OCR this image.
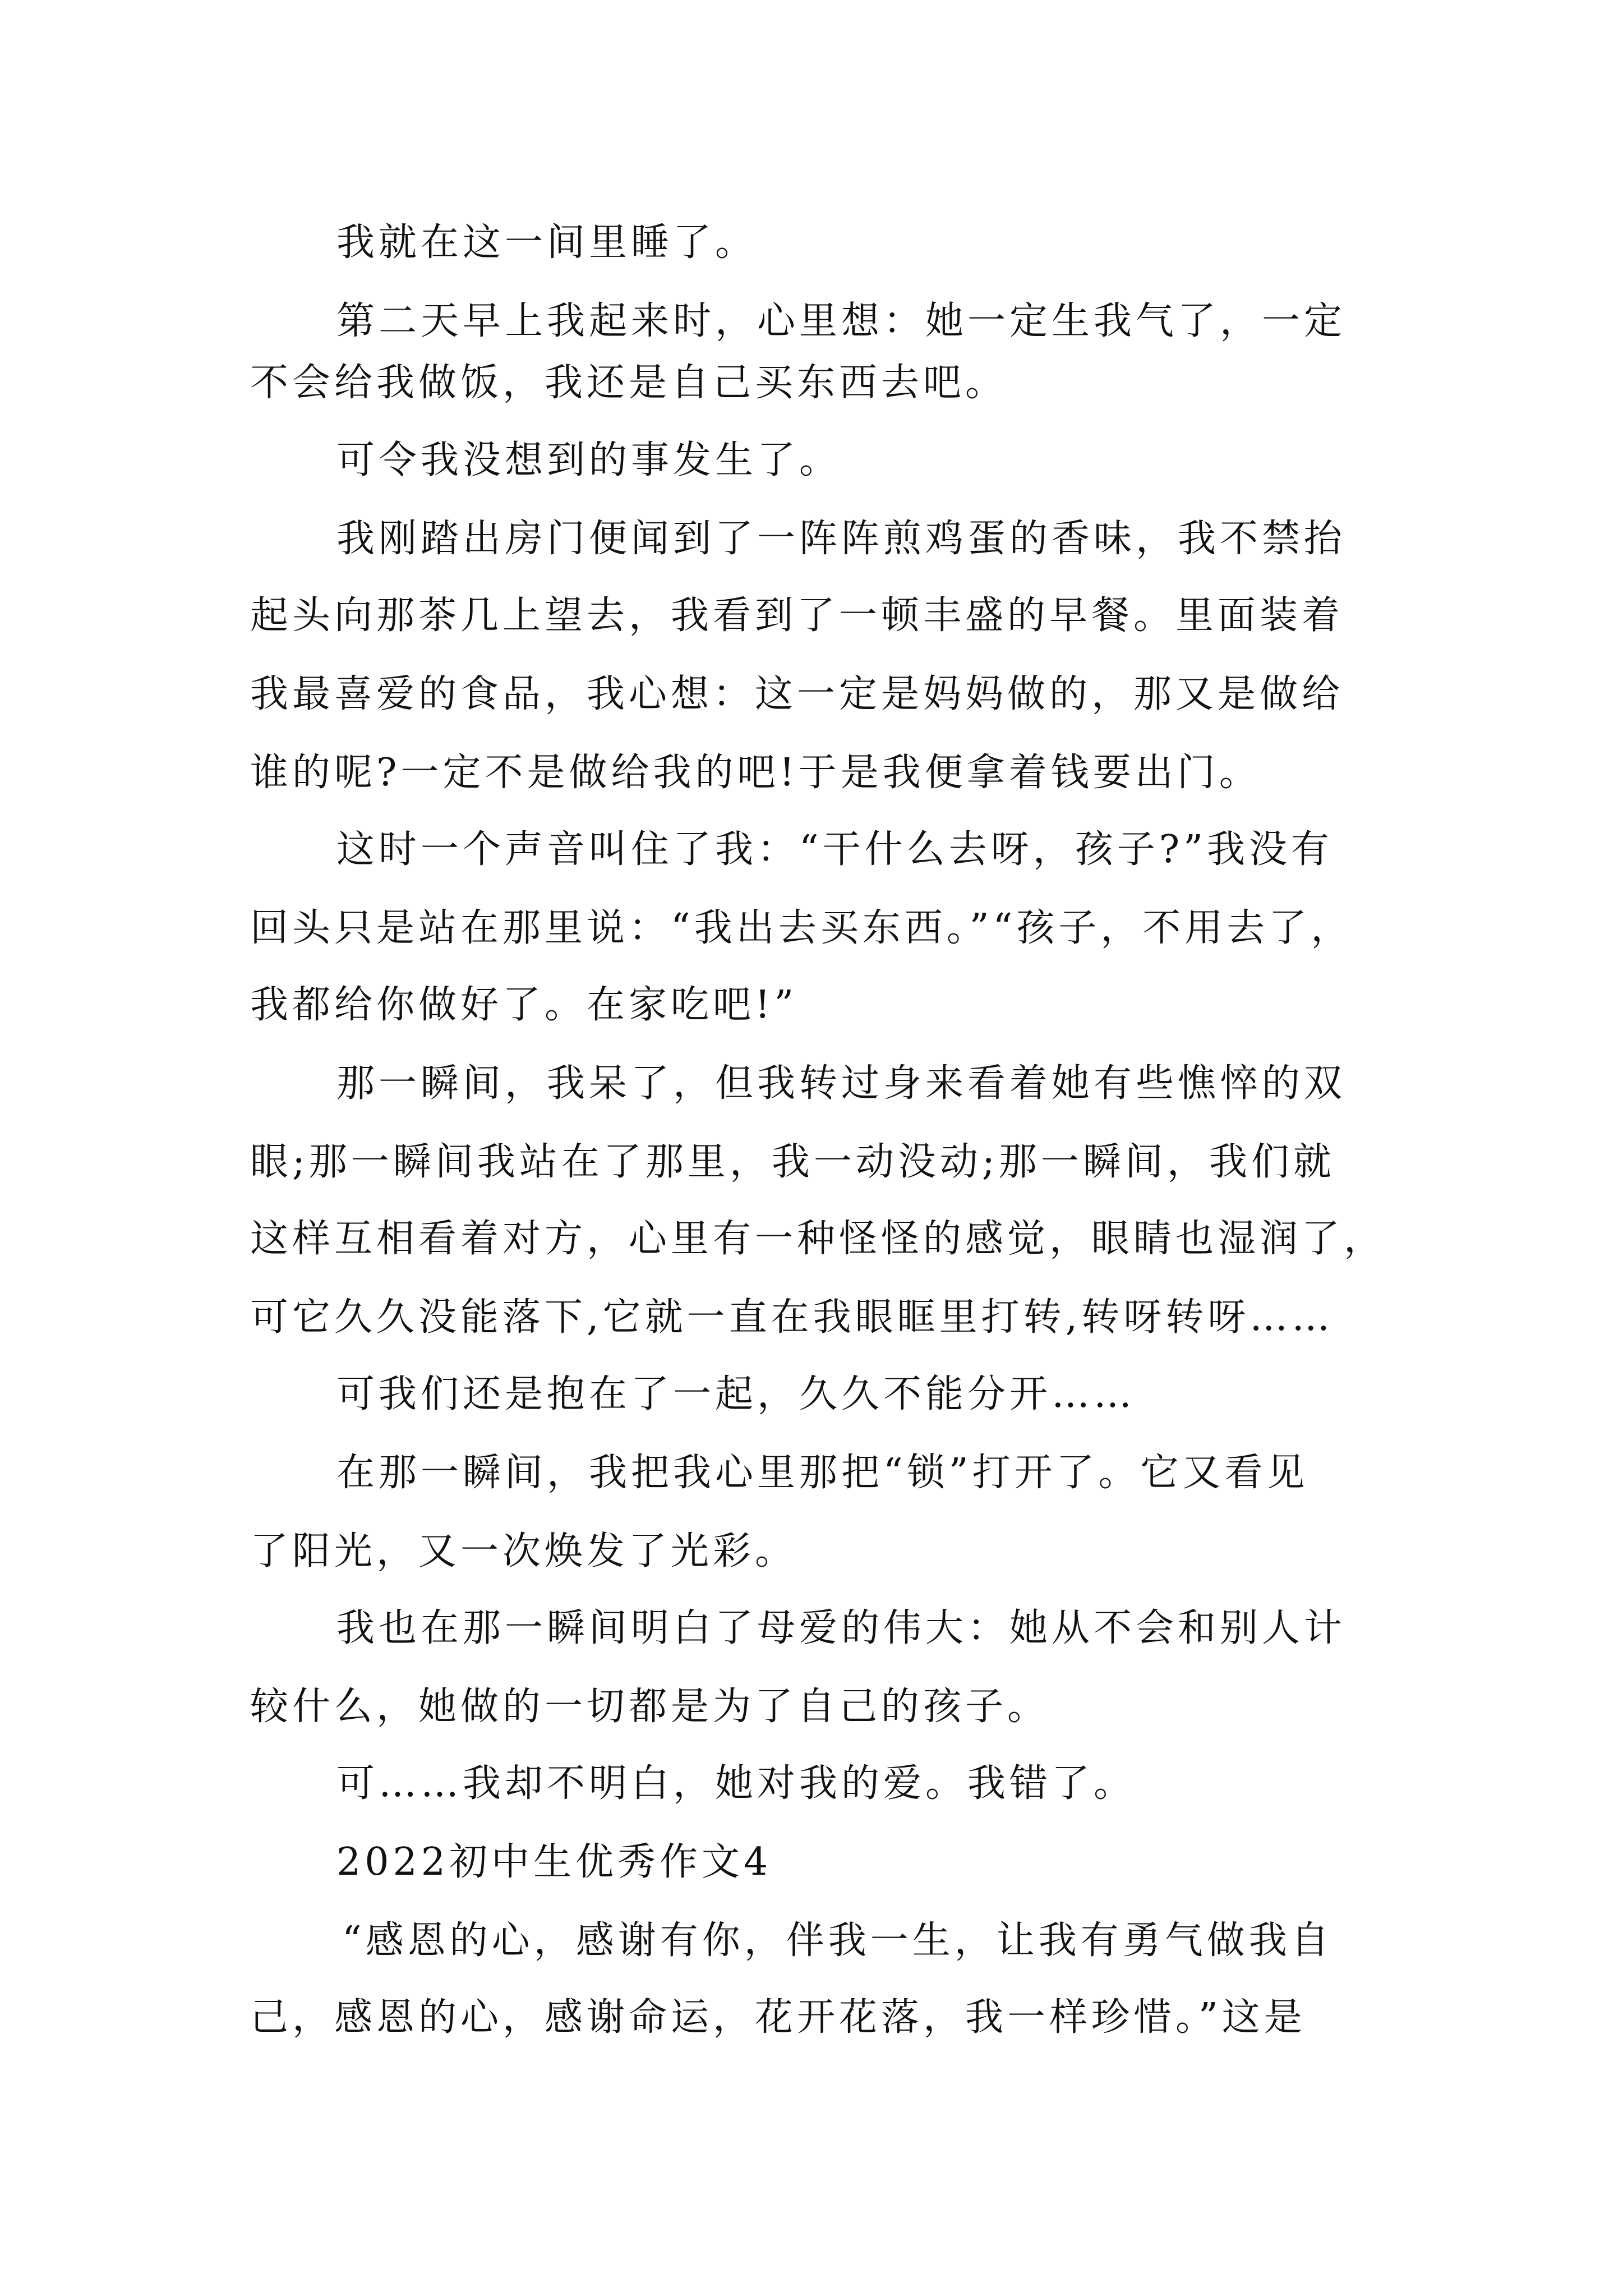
我就在这一间里睡了。
第二天早上我起来时，心里想：她一定生我气了，一定
不会给我做饭，我还是自己买东西去吧。
可令我没想到的事发生了。
我刚踏出房门便闻到了一阵阵煎鸡蛋的香味，我不禁抬
起头向那茶几上望去，我看到了一顿丰盛的早餐。里面装着
我最喜爱的食品，我心想：这一定是妈妈做的，那又是做给
谁的呢?一定不是做给我的吧!于是我便拿着钱要出门。
这时一个声音叫住了我：“干什么去呀，孩子?”我没有
回头只是站在那里说：“我出去买东西。”“孩子，不用去了，
我都给你做好了。在家吃吧!”
那一瞬间，我呆了，但我转过身来看着她有些憔悴的双
眼;那一瞬间我站在了那里，我一动没动;那一瞬间，我们就
这样互相看着对方，心里有一种怪怪的感觉，眼睛也湿润了，
可它久久没能落下,它就一直在我眼眶里打转,转呀转呀……
可我们还是抱在了一起，久久不能分开……
在那一瞬间，我把我心里那把“锁”打开了。它又看见
了阳光，又一次焕发了光彩。
我也在那一瞬间明白了母爱的伟大：她从不会和别人计
较什么，她做的一切都是为了自己的孩子。
可……我却不明白，她对我的爱。我错了。
2022初中生优秀作文4
“感恩的心，感谢有你，伴我一生，让我有勇气做我自
己，感恩的心，感谢命运，花开花落，我一样珍惜。”这是
